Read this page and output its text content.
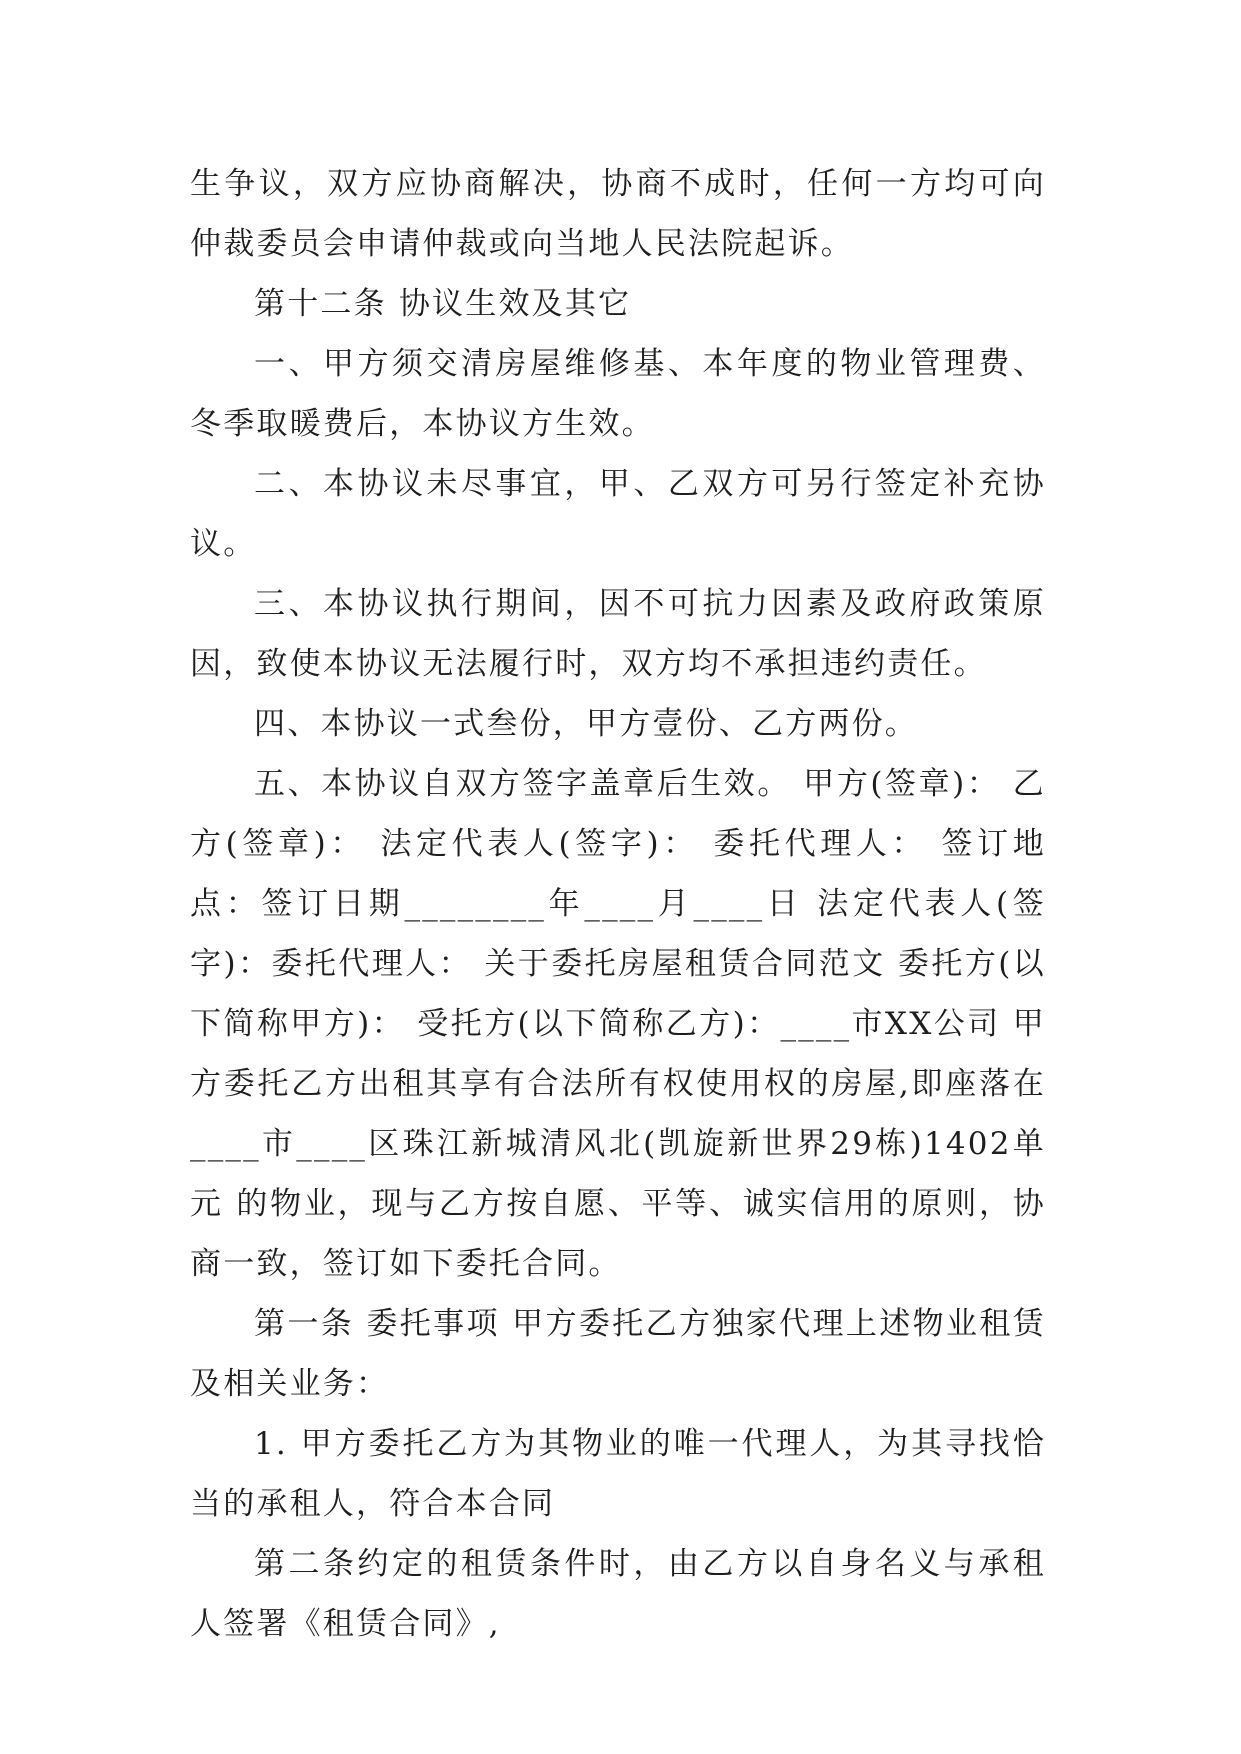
生争议，双方应协商解决，协商不成时，任何一方均可向仲裁委员会申请仲裁或向当地人民法院起诉。

第十二条 协议生效及其它

一、甲方须交清房屋维修基、本年度的物业管理费、冬季取暖费后，本协议方生效。

二、本协议未尽事宜，甲、乙双方可另行签定补充协议。

三、本协议执行期间，因不可抗力因素及政府政策原因，致使本协议无法履行时，双方均不承担违约责任。

四、本协议一式叁份，甲方壹份、乙方两份。

五、本协议自双方签字盖章后生效。 甲方(签章)： 乙方(签章)： 法定代表人(签字)： 委托代理人： 签订地点：签订日期________年____月____日 法定代表人(签字)：委托代理人： 关于委托房屋租赁合同范文 委托方(以下简称甲方)： 受托方(以下简称乙方)：____市XX公司 甲方委托乙方出租其享有合法所有权使用权的房屋,即座落在____市____区珠江新城清风北(凯旋新世界29栋)1402单元 的物业，现与乙方按自愿、平等、诚实信用的原则，协商一致，签订如下委托合同。

第一条 委托事项 甲方委托乙方独家代理上述物业租赁及相关业务：

1. 甲方委托乙方为其物业的唯一代理人，为其寻找恰当的承租人，符合本合同

第二条约定的租赁条件时，由乙方以自身名义与承租人签署《租赁合同》,
